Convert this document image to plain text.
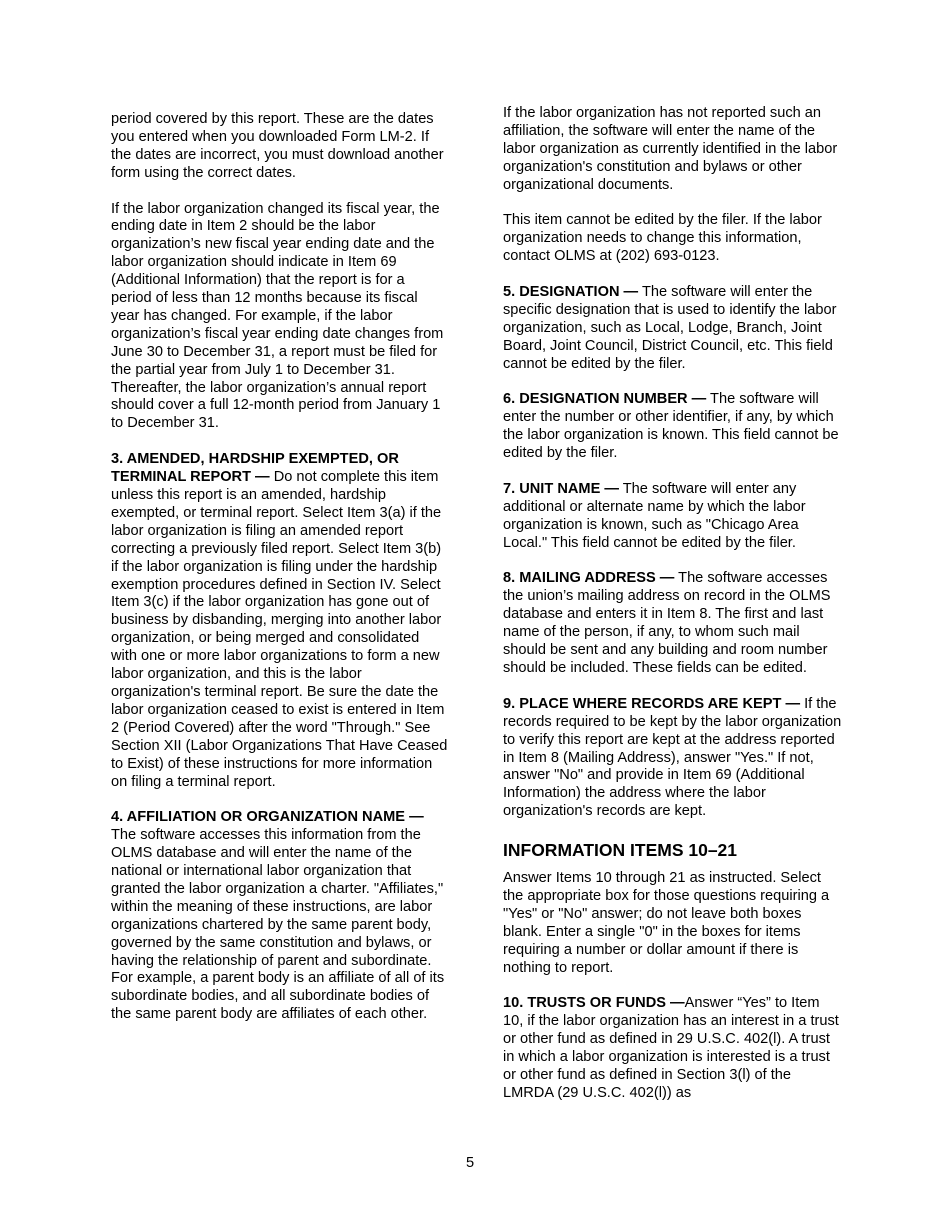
period covered by this report. These are the dates you entered when you downloaded Form LM-2. If the dates are incorrect, you must download another form using the correct dates.

If the labor organization changed its fiscal year, the ending date in Item 2 should be the labor organization’s new fiscal year ending date and the labor organization should indicate in Item 69 (Additional Information) that the report is for a period of less than 12 months because its fiscal year has changed. For example, if the labor organization’s fiscal year ending date changes from June 30 to December 31, a report must be filed for the partial year from July 1 to December 31. Thereafter, the labor organization’s annual report should cover a full 12-month period from January 1 to December 31.

3. AMENDED, HARDSHIP EXEMPTED, OR TERMINAL REPORT — Do not complete this item unless this report is an amended, hardship exempted, or terminal report. Select Item 3(a) if the labor organization is filing an amended report correcting a previously filed report. Select Item 3(b) if the labor organization is filing under the hardship exemption procedures defined in Section IV. Select Item 3(c) if the labor organization has gone out of business by disbanding, merging into another labor organization, or being merged and consolidated with one or more labor organizations to form a new labor organization, and this is the labor organization's terminal report. Be sure the date the labor organization ceased to exist is entered in Item 2 (Period Covered) after the word "Through." See Section XII (Labor Organizations That Have Ceased to Exist) of these instructions for more information on filing a terminal report.

4. AFFILIATION OR ORGANIZATION NAME — The software accesses this information from the OLMS database and will enter the name of the national or international labor organization that granted the labor organization a charter. "Affiliates," within the meaning of these instructions, are labor organizations chartered by the same parent body, governed by the same constitution and bylaws, or having the relationship of parent and subordinate. For example, a parent body is an affiliate of all of its subordinate bodies, and all subordinate bodies of the same parent body are affiliates of each other.

If the labor organization has not reported such an affiliation, the software will enter the name of the labor organization as currently identified in the labor organization's constitution and bylaws or other organizational documents.

This item cannot be edited by the filer. If the labor organization needs to change this information, contact OLMS at (202) 693-0123.

5. DESIGNATION — The software will enter the specific designation that is used to identify the labor organization, such as Local, Lodge, Branch, Joint Board, Joint Council, District Council, etc. This field cannot be edited by the filer.

6. DESIGNATION NUMBER — The software will enter the number or other identifier, if any, by which the labor organization is known. This field cannot be edited by the filer.

7. UNIT NAME — The software will enter any additional or alternate name by which the labor organization is known, such as "Chicago Area Local." This field cannot be edited by the filer.

8. MAILING ADDRESS — The software accesses the union’s mailing address on record in the OLMS database and enters it in Item 8. The first and last name of the person, if any, to whom such mail should be sent and any building and room number should be included. These fields can be edited.

9. PLACE WHERE RECORDS ARE KEPT — If the records required to be kept by the labor organization to verify this report are kept at the address reported in Item 8 (Mailing Address), answer "Yes." If not, answer "No" and provide in Item 69 (Additional Information) the address where the labor organization's records are kept.

INFORMATION ITEMS 10–21

Answer Items 10 through 21 as instructed. Select the appropriate box for those questions requiring a "Yes" or "No" answer; do not leave both boxes blank. Enter a single "0" in the boxes for items requiring a number or dollar amount if there is nothing to report.

10. TRUSTS OR FUNDS —Answer “Yes” to Item 10, if the labor organization has an interest in a trust or other fund as defined in 29 U.S.C. 402(l). A trust in which a labor organization is interested is a trust or other fund as defined in Section 3(l) of the LMRDA (29 U.S.C. 402(l)) as

5
